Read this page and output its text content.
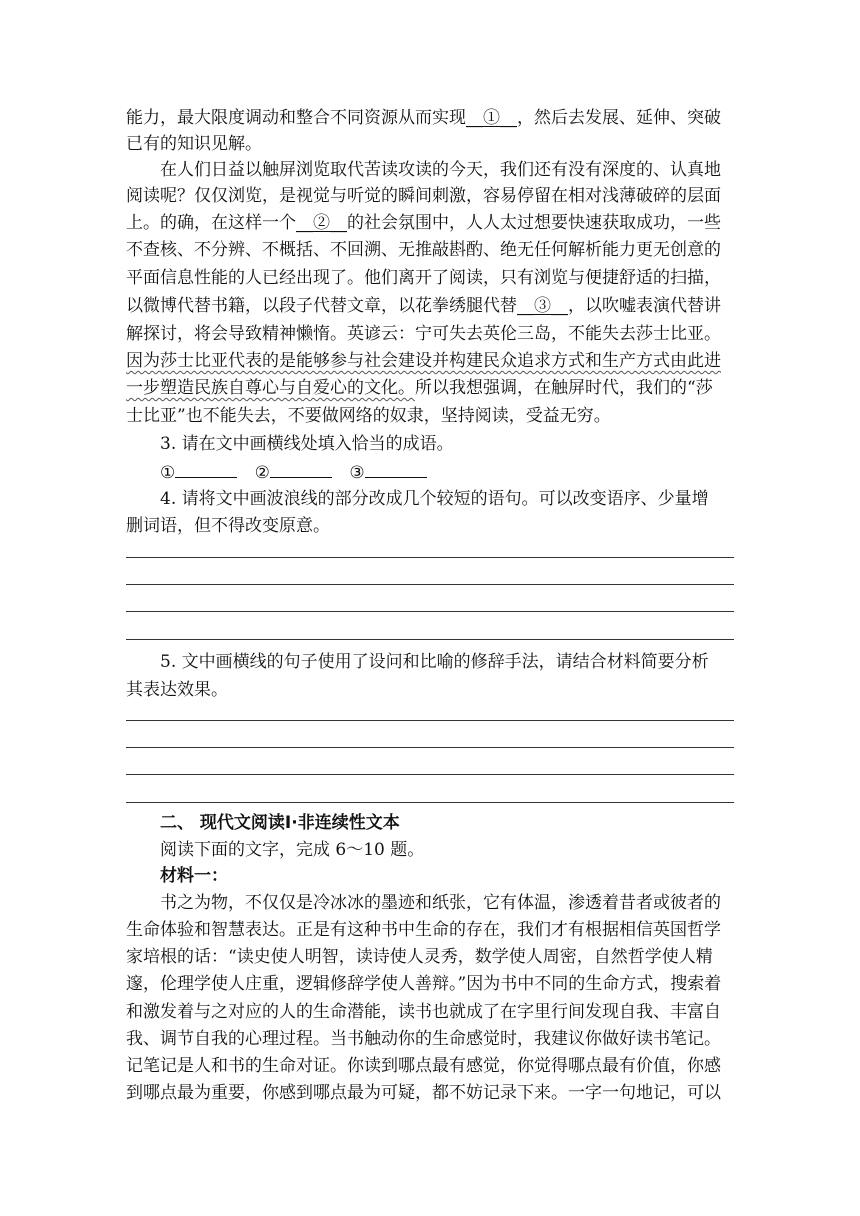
能力，最大限度调动和整合不同资源从而实现__①__，然后去发展、延伸、突破
已有的知识见解。
在人们日益以触屏浏览取代苦读攻读的今天，我们还有没有深度的、认真地
阅读呢？仅仅浏览，是视觉与听觉的瞬间刺激，容易停留在相对浅薄破碎的层面
上。的确，在这样一个__②__的社会氛围中，人人太过想要快速获取成功，一些
不查核、不分辨、不概括、不回溯、无推敲斟酌、绝无任何解析能力更无创意的
平面信息性能的人已经出现了。他们离开了阅读，只有浏览与便捷舒适的扫描，
以微博代替书籍，以段子代替文章，以花拳绣腿代替__③__，以吹嘘表演代替讲
解探讨，将会导致精神懒惰。英谚云：宁可失去英伦三岛，不能失去莎士比亚。
因为莎士比亚代表的是能够参与社会建设并构建民众追求方式和生产方式由此进
一步塑造民族自尊心与自爱心的文化。所以我想强调，在触屏时代，我们的“莎
士比亚”也不能失去，不要做网络的奴隶，坚持阅读，受益无穷。
3. 请在文中画横线处填入恰当的成语。
①	②	③
4. 请将文中画波浪线的部分改成几个较短的语句。可以改变语序、少量增
删词语，但不得改变原意。
5. 文中画横线的句子使用了设问和比喻的修辞手法，请结合材料简要分析
其表达效果。
二、 现代文阅读Ⅰ·非连续性文本
阅读下面的文字，完成 6～10 题。
材料一：
书之为物，不仅仅是冷冰冰的墨迹和纸张，它有体温，渗透着昔者或彼者的
生命体验和智慧表达。正是有这种书中生命的存在，我们才有根据相信英国哲学
家培根的话：“读史使人明智，读诗使人灵秀，数学使人周密，自然哲学使人精
邃，伦理学使人庄重，逻辑修辞学使人善辩。”因为书中不同的生命方式，搜索着
和激发着与之对应的人的生命潜能，读书也就成了在字里行间发现自我、丰富自
我、调节自我的心理过程。当书触动你的生命感觉时，我建议你做好读书笔记。
记笔记是人和书的生命对证。你读到哪点最有感觉，你觉得哪点最有价值，你感
到哪点最为重要，你感到哪点最为可疑，都不妨记录下来。一字一句地记，可以
